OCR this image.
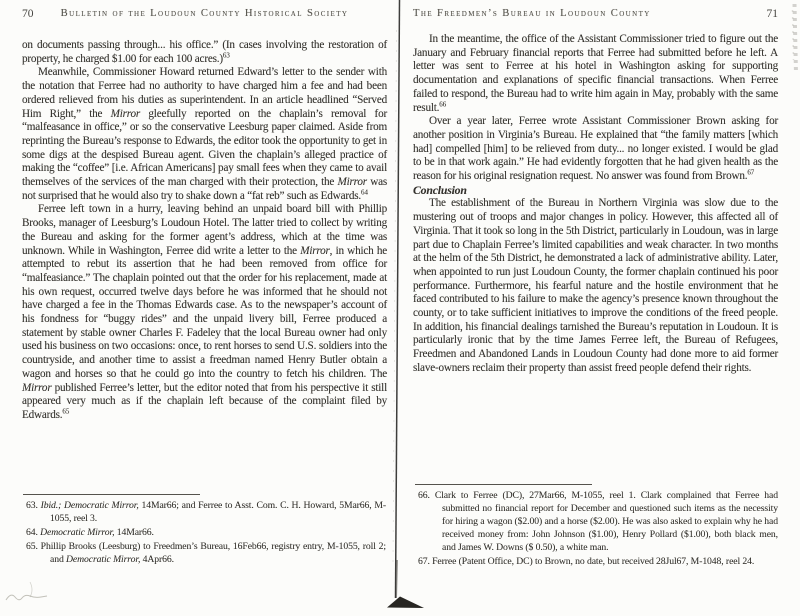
70	Bulletin of the Loudoun County Historical Society

on documents passing through... his office.” (In cases involving the restoration of property, he charged $1.00 for each 100 acres.)$^{63}$

Meanwhile, Commissioner Howard returned Edward’s letter to the sender with the notation that Ferree had no authority to have charged him a fee and had been ordered relieved from his duties as superintendent. In an article headlined “Served Him Right,” the Mirror gleefully reported on the chaplain’s removal for “malfeasance in office,” or so the conservative Leesburg paper claimed. Aside from reprinting the Bureau’s response to Edwards, the editor took the opportunity to get in some digs at the despised Bureau agent. Given the chaplain’s alleged practice of making the “coffee” [i.e. African Americans] pay small fees when they came to avail themselves of the services of the man charged with their protection, the Mirror was not surprised that he would also try to shake down a “fat reb” such as Edwards.$^{64}$

Ferree left town in a hurry, leaving behind an unpaid board bill with Phillip Brooks, manager of Leesburg’s Loudoun Hotel. The latter tried to collect by writing the Bureau and asking for the former agent’s address, which at the time was unknown. While in Washington, Ferree did write a letter to the Mirror, in which he attempted to rebut its assertion that he had been removed from office for “malfeasiance.” The chaplain pointed out that the order for his replacement, made at his own request, occurred twelve days before he was informed that he should not have charged a fee in the Thomas Edwards case. As to the newspaper’s account of his fondness for “buggy rides” and the unpaid livery bill, Ferree produced a statement by stable owner Charles F. Fadeley that the local Bureau owner had only used his business on two occasions: once, to rent horses to send U.S. soldiers into the countryside, and another time to assist a freedman named Henry Butler obtain a wagon and horses so that he could go into the country to fetch his children. The Mirror published Ferree’s letter, but the editor noted that from his perspective it still appeared very much as if the chaplain left because of the complaint filed by Edwards.$^{65}$

63. Ibid.; Democratic Mirror, 14Mar66; and Ferree to Asst. Com. C. H. Howard, 5Mar66, M-1055, reel 3.
64. Democratic Mirror, 14Mar66.
65. Phillip Brooks (Leesburg) to Freedmen’s Bureau, 16Feb66, registry entry, M-1055, roll 2; and Democratic Mirror, 4Apr66.
The Freedmen’s Bureau in Loudoun County	71

In the meantime, the office of the Assistant Commissioner tried to figure out the January and February financial reports that Ferree had submitted before he left. A letter was sent to Ferree at his hotel in Washington asking for supporting documentation and explanations of specific financial transactions. When Ferree failed to respond, the Bureau had to write him again in May, probably with the same result.$^{66}$

Over a year later, Ferree wrote Assistant Commissioner Brown asking for another position in Virginia’s Bureau. He explained that “the family matters [which had] compelled [him] to be relieved from duty... no longer existed. I would be glad to be in that work again.” He had evidently forgotten that he had given health as the reason for his original resignation request. No answer was found from Brown.$^{67}$

Conclusion

The establishment of the Bureau in Northern Virginia was slow due to the mustering out of troops and major changes in policy. However, this affected all of Virginia. That it took so long in the 5th District, particularly in Loudoun, was in large part due to Chaplain Ferree’s limited capabilities and weak character. In two months at the helm of the 5th District, he demonstrated a lack of administrative ability. Later, when appointed to run just Loudoun County, the former chaplain continued his poor performance. Furthermore, his fearful nature and the hostile environment that he faced contributed to his failure to make the agency’s presence known throughout the county, or to take sufficient initiatives to improve the conditions of the freed people. In addition, his financial dealings tarnished the Bureau’s reputation in Loudoun. It is particularly ironic that by the time James Ferree left, the Bureau of Refugees, Freedmen and Abandoned Lands in Loudoun County had done more to aid former slave-owners reclaim their property than assist freed people defend their rights.

66. Clark to Ferree (DC), 27Mar66, M-1055, reel 1. Clark complained that Ferree had submitted no financial report for December and questioned such items as the necessity for hiring a wagon ($2.00) and a horse ($2.00). He was also asked to explain why he had received money from: John Johnson ($1.00), Henry Pollard ($1.00), both black men, and James W. Downs ($ 0.50), a white man.
67. Ferree (Patent Office, DC) to Brown, no date, but received 28Jul67, M-1048, reel 24.
